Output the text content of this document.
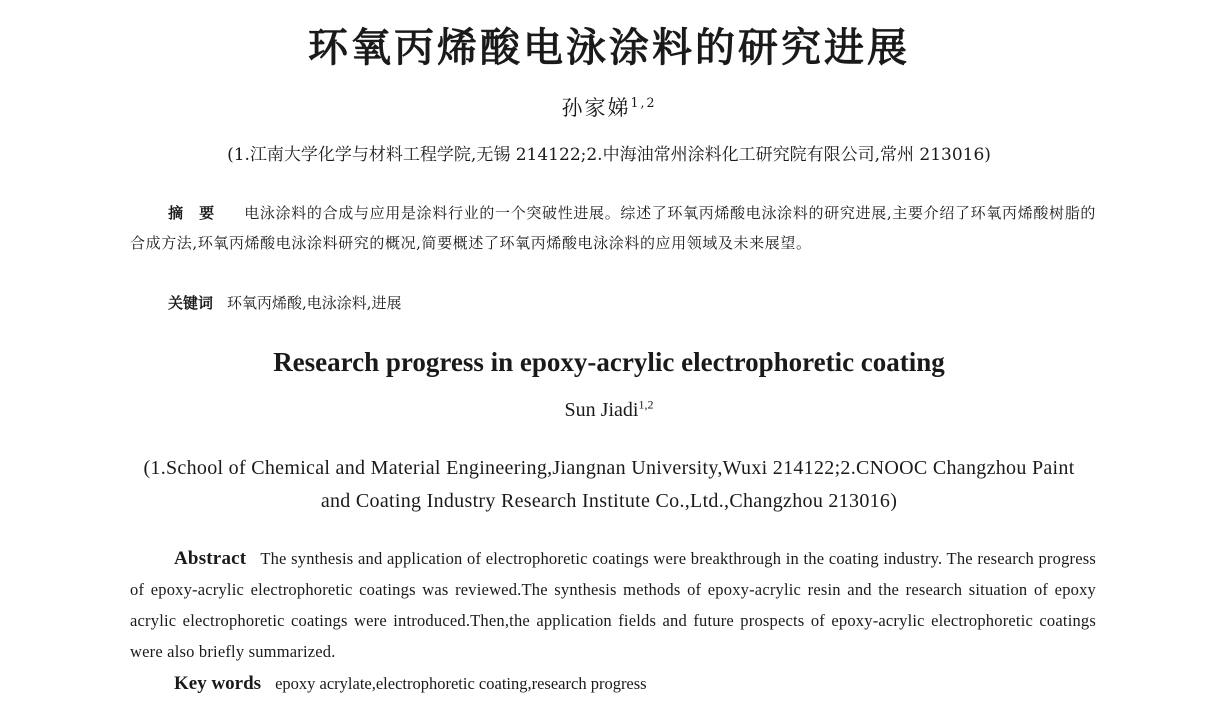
环氧丙烯酸电泳涂料的研究进展
孙家娣$^{1,2}$
(1.江南大学化学与材料工程学院,无锡 214122;2.中海油常州涂料化工研究院有限公司,常州 213016)
摘要 电泳涂料的合成与应用是涂料行业的一个突破性进展。综述了环氧丙烯酸电泳涂料的研究进展,主要介绍了环氧丙烯酸树脂的合成方法,环氧丙烯酸电泳涂料研究的概况,简要概述了环氧丙烯酸电泳涂料的应用领域及未来展望。
关键词 环氧丙烯酸,电泳涂料,进展
Research progress in epoxy-acrylic electrophoretic coating
Sun Jiadi$^{1,2}$
(1.School of Chemical and Material Engineering,Jiangnan University,Wuxi 214122;2.CNOOC Changzhou Paint and Coating Industry Research Institute Co.,Ltd.,Changzhou 213016)
Abstract The synthesis and application of electrophoretic coatings were breakthrough in the coating industry. The research progress of epoxy-acrylic electrophoretic coatings was reviewed.The synthesis methods of epoxy-acrylic resin and the research situation of epoxy acrylic electrophoretic coatings were introduced.Then,the application fields and future prospects of epoxy-acrylic electrophoretic coatings were also briefly summarized.
Key words epoxy acrylate,electrophoretic coating,research progress
